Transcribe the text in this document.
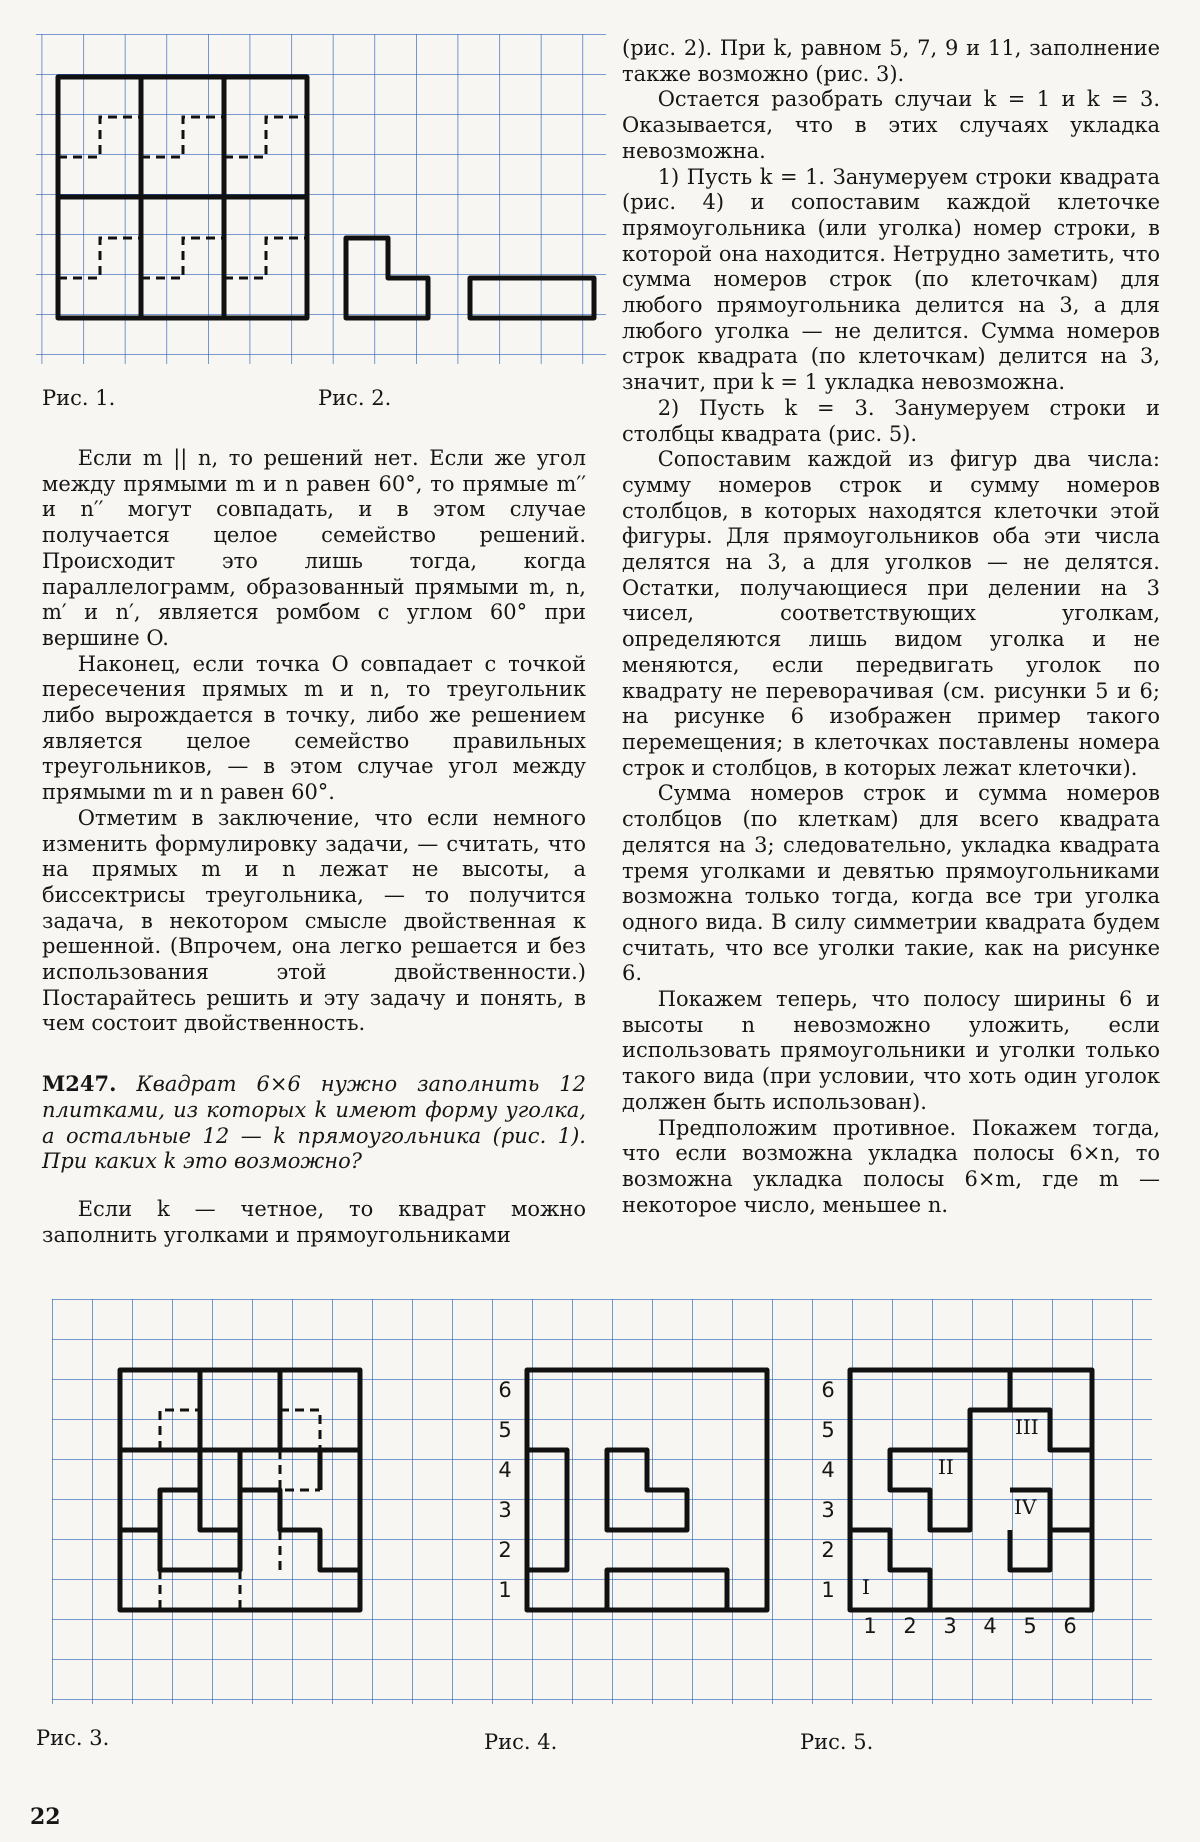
Рис. 1.	Рис. 2.
Рис. 3.	Рис. 4.	Рис. 5.
6
5
4
3
2
1
6
5
4
3
2
1
1	2	3	4	5	6
I
II
III
IV

Если m || n, то решений нет. Если же угол между прямыми m и n равен 60°, то прямые m′′ и n′′ могут совпадать, и в этом случае получается целое семейство решений. Происходит это лишь тогда, когда параллелограмм, образованный прямыми m, n, m′ и n′, является ромбом с углом 60° при вершине O.

Наконец, если точка O совпадает с точкой пересечения прямых m и n, то треугольник либо вырождается в точку, либо же решением является целое семейство правильных треугольников, — в этом случае угол между прямыми m и n равен 60°.

Отметим в заключение, что если немного изменить формулировку задачи, — считать, что на прямых m и n лежат не высоты, а биссектрисы треугольника, — то получится задача, в некотором смысле двойственная к решенной. (Впрочем, она легко решается и без использования этой двойственности.) Постарайтесь решить и эту задачу и понять, в чем состоит двойственность.

М247. Квадрат 6×6 нужно заполнить 12 плитками, из которых k имеют форму уголка, а остальные 12 — k прямоугольника (рис. 1). При каких k это возможно?

Если k — четное, то квадрат можно заполнить уголками и прямоугольниками

(рис. 2). При k, равном 5, 7, 9 и 11, заполнение также возможно (рис. 3).

Остается разобрать случаи k = 1 и k = 3. Оказывается, что в этих случаях укладка невозможна.

1) Пусть k = 1. Занумеруем строки квадрата (рис. 4) и сопоставим каждой клеточке прямоугольника (или уголка) номер строки, в которой она находится. Нетрудно заметить, что сумма номеров строк (по клеточкам) для любого прямоугольника делится на 3, а для любого уголка — не делится. Сумма номеров строк квадрата (по клеточкам) делится на 3, значит, при k = 1 укладка невозможна.

2) Пусть k = 3. Занумеруем строки и столбцы квадрата (рис. 5).

Сопоставим каждой из фигур два числа: сумму номеров строк и сумму номеров столбцов, в которых находятся клеточки этой фигуры. Для прямоугольников оба эти числа делятся на 3, а для уголков — не делятся. Остатки, получающиеся при делении на 3 чисел, соответствующих уголкам, определяются лишь видом уголка и не меняются, если передвигать уголок по квадрату не переворачивая (см. рисунки 5 и 6; на рисунке 6 изображен пример такого перемещения; в клеточках поставлены номера строк и столбцов, в которых лежат клеточки).

Сумма номеров строк и сумма номеров столбцов (по клеткам) для всего квадрата делятся на 3; следовательно, укладка квадрата тремя уголками и девятью прямоугольниками возможна только тогда, когда все три уголка одного вида. В силу симметрии квадрата будем считать, что все уголки такие, как на рисунке 6.

Покажем теперь, что полосу ширины 6 и высоты n невозможно уложить, если использовать прямоугольники и уголки только такого вида (при условии, что хоть один уголок должен быть использован).

Предположим противное. Покажем тогда, что если возможна укладка полосы 6×n, то возможна укладка полосы 6×m, где m — некоторое число, меньшее n.

22
